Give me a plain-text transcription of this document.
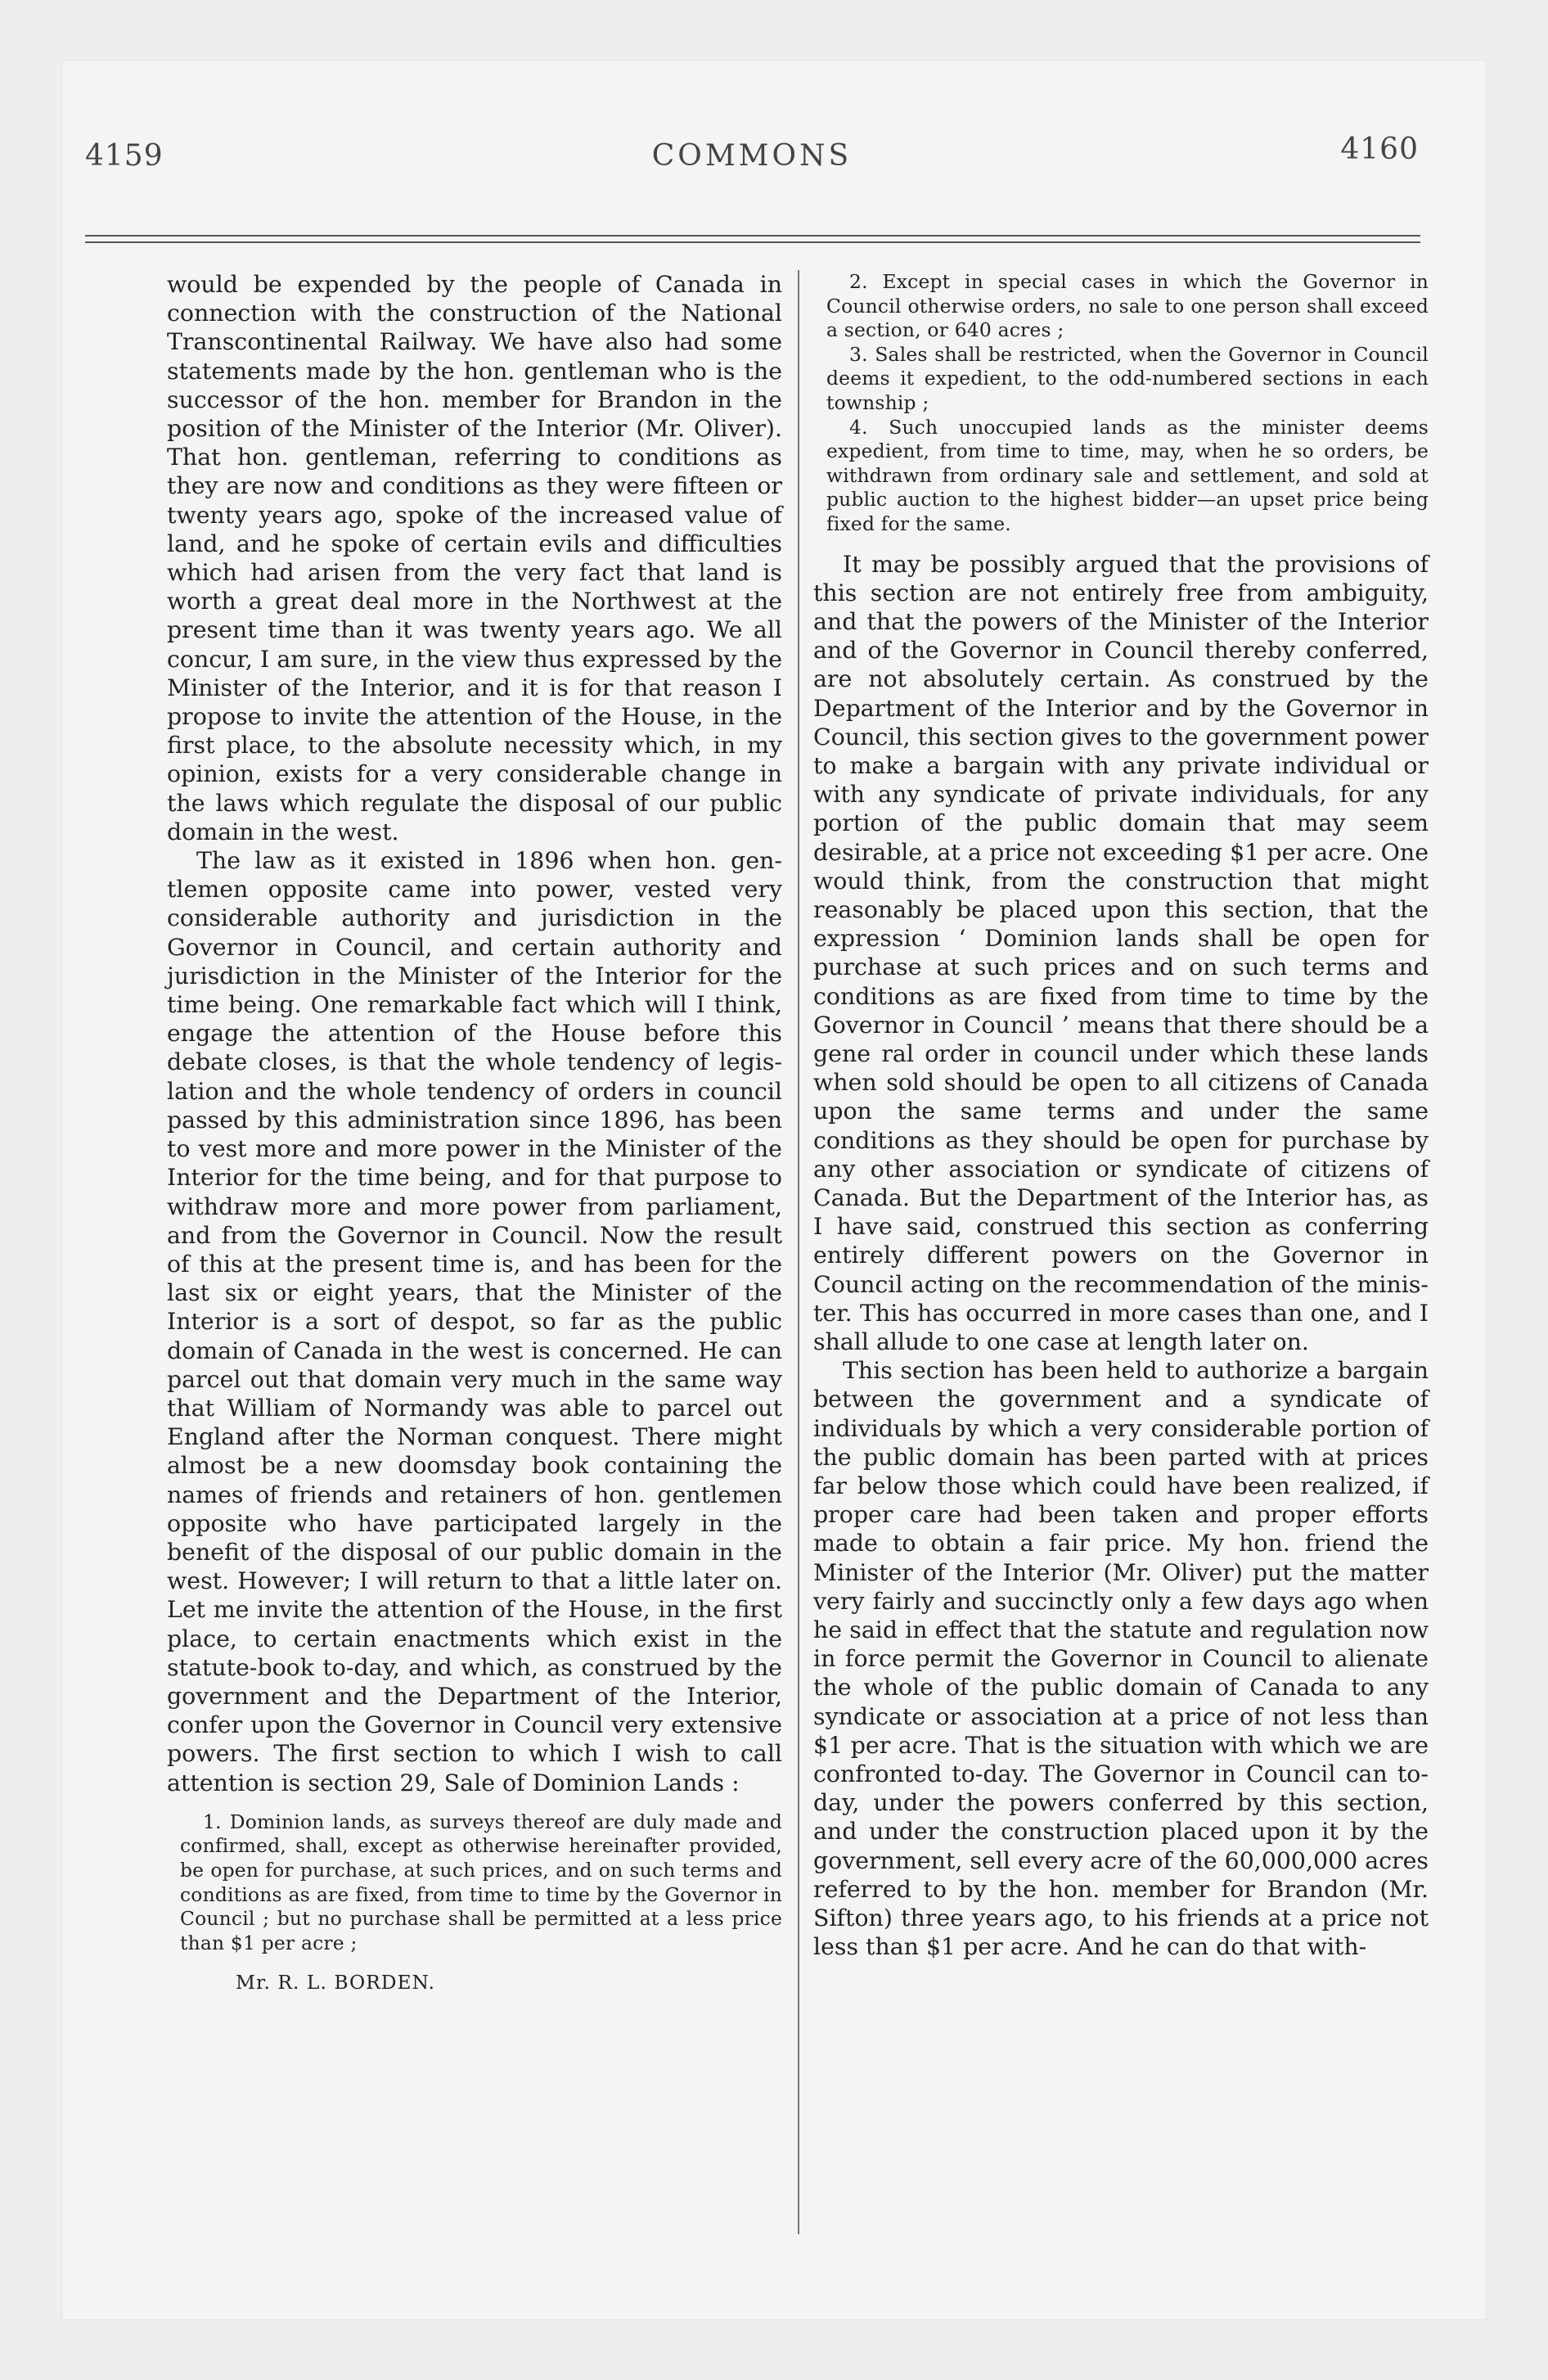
4159	COMMONS	4160

would be expended by the people of Canada in connection with the construction of the National Transcontinental Railway. We have also had some statements made by the hon. gentleman who is the successor of the hon. member for Brandon in the position of the Minister of the Interior (Mr. Oliver). That hon. gentleman, referring to conditions as they are now and conditions as they were fifteen or twenty years ago, spoke of the increased value of land, and he spoke of certain evils and difficulties which had arisen from the very fact that land is worth a great deal more in the Northwest at the present time than it was twenty years ago. We all concur, I am sure, in the view thus expressed by the Minister of the Interior, and it is for that reason I propose to invite the attention of the House, in the first place, to the absolute necessity which, in my opinion, exists for a very considerable change in the laws which regulate the disposal of our public domain in the west.

The law as it existed in 1896 when hon. gentlemen opposite came into power, vested very considerable authority and jurisdiction in the Governor in Council, and certain authority and jurisdiction in the Minister of the Interior for the time being. One remarkable fact which will I think, engage the attention of the House before this debate closes, is that the whole tendency of legislation and the whole tendency of orders in council passed by this administration since 1896, has been to vest more and more power in the Minister of the Interior for the time being, and for that purpose to withdraw more and more power from parliament, and from the Governor in Council. Now the result of this at the present time is, and has been for the last six or eight years, that the Minister of the Interior is a sort of despot, so far as the public domain of Canada in the west is concerned. He can parcel out that domain very much in the same way that William of Normandy was able to parcel out England after the Norman conquest. There might almost be a new doomsday book containing the names of friends and retainers of hon. gentlemen opposite who have participated largely in the benefit of the disposal of our public domain in the west. However; I will return to that a little later on. Let me invite the attention of the House, in the first place, to certain enactments which exist in the statute-book to-day, and which, as construed by the government and the Department of the Interior, confer upon the Governor in Council very extensive powers. The first section to which I wish to call attention is section 29, Sale of Dominion Lands :

1. Dominion lands, as surveys thereof are duly made and confirmed, shall, except as otherwise hereinafter provided, be open for purchase, at such prices, and on such terms and conditions as are fixed, from time to time by the Governor in Council ; but no purchase shall be permitted at a less price than $1 per acre ;

Mr. R. L. BORDEN.

2. Except in special cases in which the Governor in Council otherwise orders, no sale to one person shall exceed a section, or 640 acres ;

3. Sales shall be restricted, when the Governor in Council deems it expedient, to the odd-numbered sections in each township ;

4. Such unoccupied lands as the minister deems expedient, from time to time, may, when he so orders, be withdrawn from ordinary sale and settlement, and sold at public auction to the highest bidder—an upset price being fixed for the same.

It may be possibly argued that the provisions of this section are not entirely free from ambiguity, and that the powers of the Minister of the Interior and of the Governor in Council thereby conferred, are not absolutely certain. As construed by the Department of the Interior and by the Governor in Council, this section gives to the government power to make a bargain with any private individual or with any syndicate of private individuals, for any portion of the public domain that may seem desirable, at a price not exceeding $1 per acre. One would think, from the construction that might reasonably be placed upon this section, that the expression ‘ Dominion lands shall be open for purchase at such prices and on such terms and conditions as are fixed from time to time by the Governor in Council ’ means that there should be a gene ral order in council under which these lands when sold should be open to all citizens of Canada upon the same terms and under the same conditions as they should be open for purchase by any other association or syndicate of citizens of Canada. But the Department of the Interior has, as I have said, construed this section as conferring entirely different powers on the Governor in Council acting on the recommendation of the minister. This has occurred in more cases than one, and I shall allude to one case at length later on.

This section has been held to authorize a bargain between the government and a syndicate of individuals by which a very considerable portion of the public domain has been parted with at prices far below those which could have been realized, if proper care had been taken and proper efforts made to obtain a fair price. My hon. friend the Minister of the Interior (Mr. Oliver) put the matter very fairly and succinctly only a few days ago when he said in effect that the statute and regulation now in force permit the Governor in Council to alienate the whole of the public domain of Canada to any syndicate or association at a price of not less than $1 per acre. That is the situation with which we are confronted to-day. The Governor in Council can today, under the powers conferred by this section, and under the construction placed upon it by the government, sell every acre of the 60,000,000 acres referred to by the hon. member for Brandon (Mr. Sifton) three years ago, to his friends at a price not less than $1 per acre. And he can do that with-
